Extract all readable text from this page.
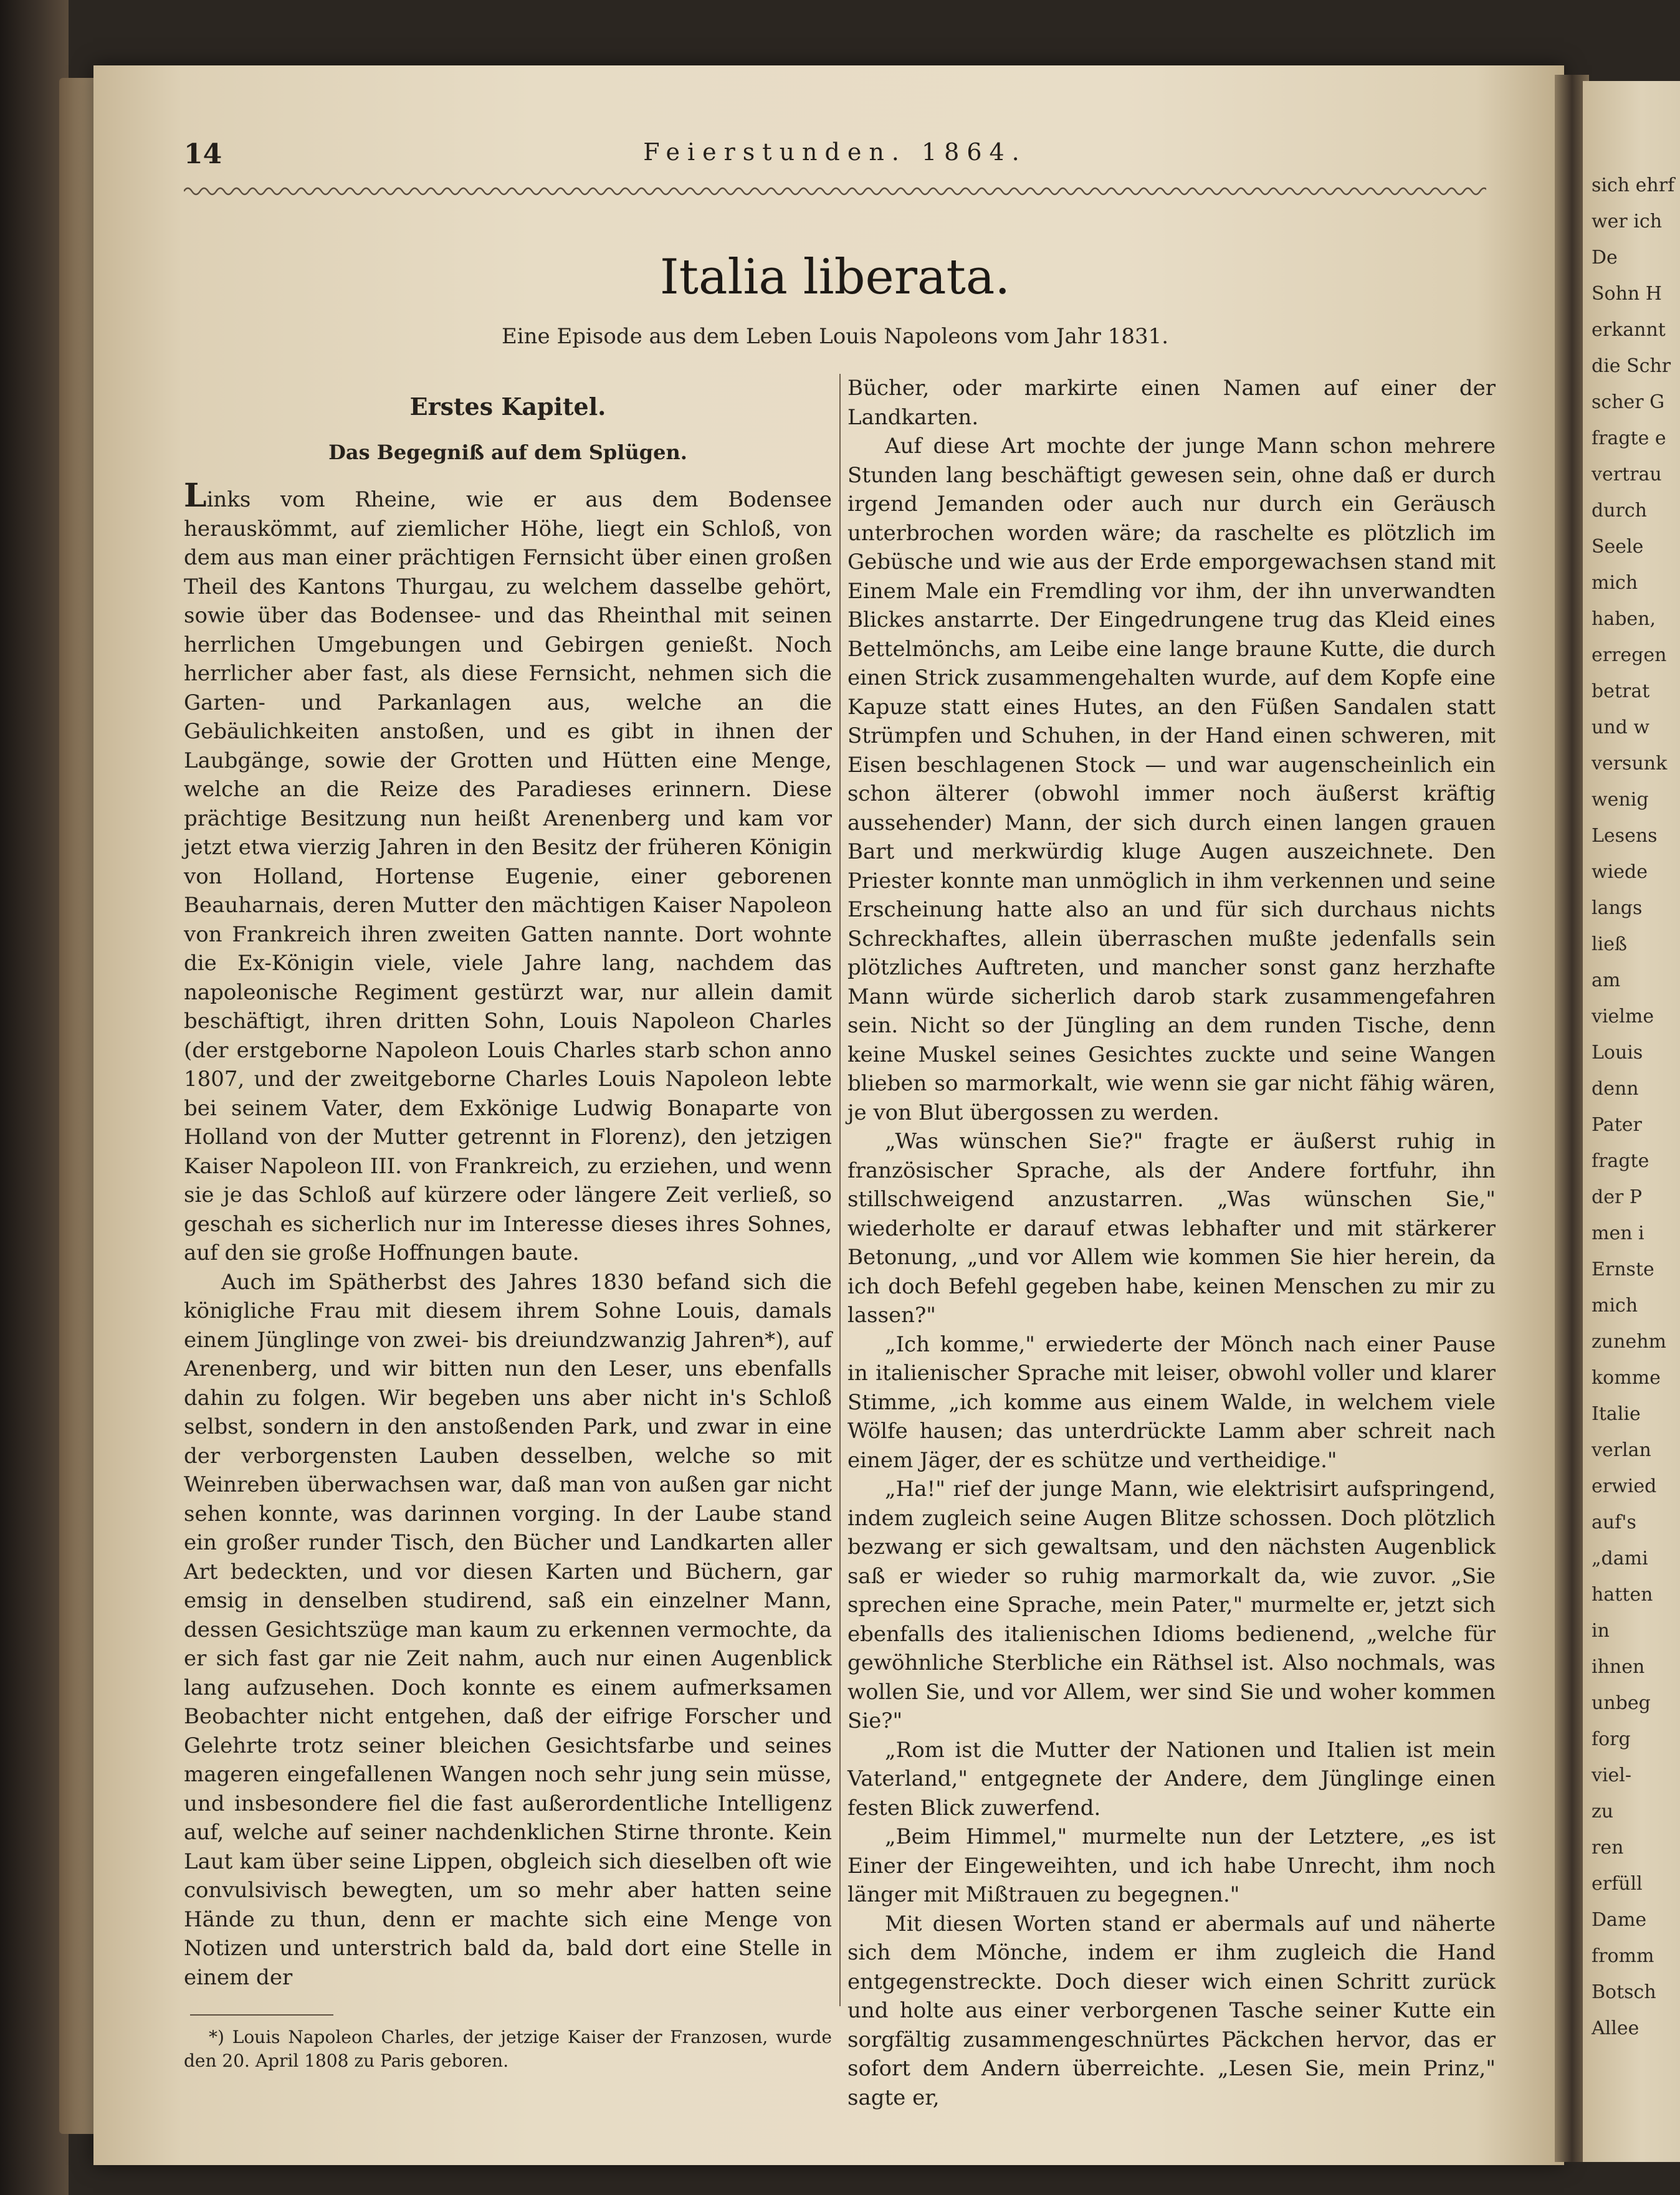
sich ehrf
wer ich
De
Sohn H
erkannt
die Schr
scher G
fragte e
vertrau
durch
Seele
mich
haben,
erregen
betrat
und w
versunk
wenig
Lesens
wiede
langs
ließ
am
vielme
Louis
denn
Pater
fragte
der P
men i
Ernste
mich
zunehm
komme
Italie
verlan
erwied
auf's
„dami
hatten
in
ihnen
unbeg
forg
viel-
zu
ren
erfüll
Dame
fromm
Botsch
Allee
14	Feierstunden. 1864.
Italia liberata.
Eine Episode aus dem Leben Louis Napoleons vom Jahr 1831.
Erstes Kapitel.
Das Begegniß auf dem Splügen.

Links vom Rheine, wie er aus dem Bodensee herauskömmt, auf ziemlicher Höhe, liegt ein Schloß, von dem aus man einer prächtigen Fernsicht über einen großen Theil des Kantons Thurgau, zu welchem dasselbe gehört, sowie über das Bodensee- und das Rheinthal mit seinen herrlichen Umgebungen und Gebirgen genießt. Noch herrlicher aber fast, als diese Fernsicht, nehmen sich die Garten- und Parkanlagen aus, welche an die Gebäulichkeiten anstoßen, und es gibt in ihnen der Laubgänge, sowie der Grotten und Hütten eine Menge, welche an die Reize des Paradieses erinnern. Diese prächtige Besitzung nun heißt Arenenberg und kam vor jetzt etwa vierzig Jahren in den Besitz der früheren Königin von Holland, Hortense Eugenie, einer geborenen Beauharnais, deren Mutter den mächtigen Kaiser Napoleon von Frankreich ihren zweiten Gatten nannte. Dort wohnte die Ex-Königin viele, viele Jahre lang, nachdem das napoleonische Regiment gestürzt war, nur allein damit beschäftigt, ihren dritten Sohn, Louis Napoleon Charles (der erstgeborne Napoleon Louis Charles starb schon anno 1807, und der zweitgeborne Charles Louis Napoleon lebte bei seinem Vater, dem Exkönige Ludwig Bonaparte von Holland von der Mutter getrennt in Florenz), den jetzigen Kaiser Napoleon III. von Frankreich, zu erziehen, und wenn sie je das Schloß auf kürzere oder längere Zeit verließ, so geschah es sicherlich nur im Interesse dieses ihres Sohnes, auf den sie große Hoffnungen baute.

Auch im Spätherbst des Jahres 1830 befand sich die königliche Frau mit diesem ihrem Sohne Louis, damals einem Jünglinge von zwei- bis dreiundzwanzig Jahren*), auf Arenenberg, und wir bitten nun den Leser, uns ebenfalls dahin zu folgen. Wir begeben uns aber nicht in's Schloß selbst, sondern in den anstoßenden Park, und zwar in eine der verborgensten Lauben desselben, welche so mit Weinreben überwachsen war, daß man von außen gar nicht sehen konnte, was darinnen vorging. In der Laube stand ein großer runder Tisch, den Bücher und Landkarten aller Art bedeckten, und vor diesen Karten und Büchern, gar emsig in denselben studirend, saß ein einzelner Mann, dessen Gesichtszüge man kaum zu erkennen vermochte, da er sich fast gar nie Zeit nahm, auch nur einen Augenblick lang aufzusehen. Doch konnte es einem aufmerksamen Beobachter nicht entgehen, daß der eifrige Forscher und Gelehrte trotz seiner bleichen Gesichtsfarbe und seines mageren eingefallenen Wangen noch sehr jung sein müsse, und insbesondere fiel die fast außerordentliche Intelligenz auf, welche auf seiner nachdenklichen Stirne thronte. Kein Laut kam über seine Lippen, obgleich sich dieselben oft wie convulsivisch bewegten, um so mehr aber hatten seine Hände zu thun, denn er machte sich eine Menge von Notizen und unterstrich bald da, bald dort eine Stelle in einem der

*) Louis Napoleon Charles, der jetzige Kaiser der Franzosen, wurde den 20. April 1808 zu Paris geboren.

Bücher, oder markirte einen Namen auf einer der Landkarten.

Auf diese Art mochte der junge Mann schon mehrere Stunden lang beschäftigt gewesen sein, ohne daß er durch irgend Jemanden oder auch nur durch ein Geräusch unterbrochen worden wäre; da raschelte es plötzlich im Gebüsche und wie aus der Erde emporgewachsen stand mit Einem Male ein Fremdling vor ihm, der ihn unverwandten Blickes anstarrte. Der Eingedrungene trug das Kleid eines Bettelmönchs, am Leibe eine lange braune Kutte, die durch einen Strick zusammengehalten wurde, auf dem Kopfe eine Kapuze statt eines Hutes, an den Füßen Sandalen statt Strümpfen und Schuhen, in der Hand einen schweren, mit Eisen beschlagenen Stock — und war augenscheinlich ein schon älterer (obwohl immer noch äußerst kräftig aussehender) Mann, der sich durch einen langen grauen Bart und merkwürdig kluge Augen auszeichnete. Den Priester konnte man unmöglich in ihm verkennen und seine Erscheinung hatte also an und für sich durchaus nichts Schreckhaftes, allein überraschen mußte jedenfalls sein plötzliches Auftreten, und mancher sonst ganz herzhafte Mann würde sicherlich darob stark zusammengefahren sein. Nicht so der Jüngling an dem runden Tische, denn keine Muskel seines Gesichtes zuckte und seine Wangen blieben so marmorkalt, wie wenn sie gar nicht fähig wären, je von Blut übergossen zu werden.

„Was wünschen Sie?" fragte er äußerst ruhig in französischer Sprache, als der Andere fortfuhr, ihn stillschweigend anzustarren. „Was wünschen Sie," wiederholte er darauf etwas lebhafter und mit stärkerer Betonung, „und vor Allem wie kommen Sie hier herein, da ich doch Befehl gegeben habe, keinen Menschen zu mir zu lassen?"

„Ich komme," erwiederte der Mönch nach einer Pause in italienischer Sprache mit leiser, obwohl voller und klarer Stimme, „ich komme aus einem Walde, in welchem viele Wölfe hausen; das unterdrückte Lamm aber schreit nach einem Jäger, der es schütze und vertheidige."

„Ha!" rief der junge Mann, wie elektrisirt aufspringend, indem zugleich seine Augen Blitze schossen. Doch plötzlich bezwang er sich gewaltsam, und den nächsten Augenblick saß er wieder so ruhig marmorkalt da, wie zuvor. „Sie sprechen eine Sprache, mein Pater," murmelte er, jetzt sich ebenfalls des italienischen Idioms bedienend, „welche für gewöhnliche Sterbliche ein Räthsel ist. Also nochmals, was wollen Sie, und vor Allem, wer sind Sie und woher kommen Sie?"

„Rom ist die Mutter der Nationen und Italien ist mein Vaterland," entgegnete der Andere, dem Jünglinge einen festen Blick zuwerfend.

„Beim Himmel," murmelte nun der Letztere, „es ist Einer der Eingeweihten, und ich habe Unrecht, ihm noch länger mit Mißtrauen zu begegnen."

Mit diesen Worten stand er abermals auf und näherte sich dem Mönche, indem er ihm zugleich die Hand entgegenstreckte. Doch dieser wich einen Schritt zurück und holte aus einer verborgenen Tasche seiner Kutte ein sorgfältig zusammengeschnürtes Päckchen hervor, das er sofort dem Andern überreichte. „Lesen Sie, mein Prinz," sagte er,
